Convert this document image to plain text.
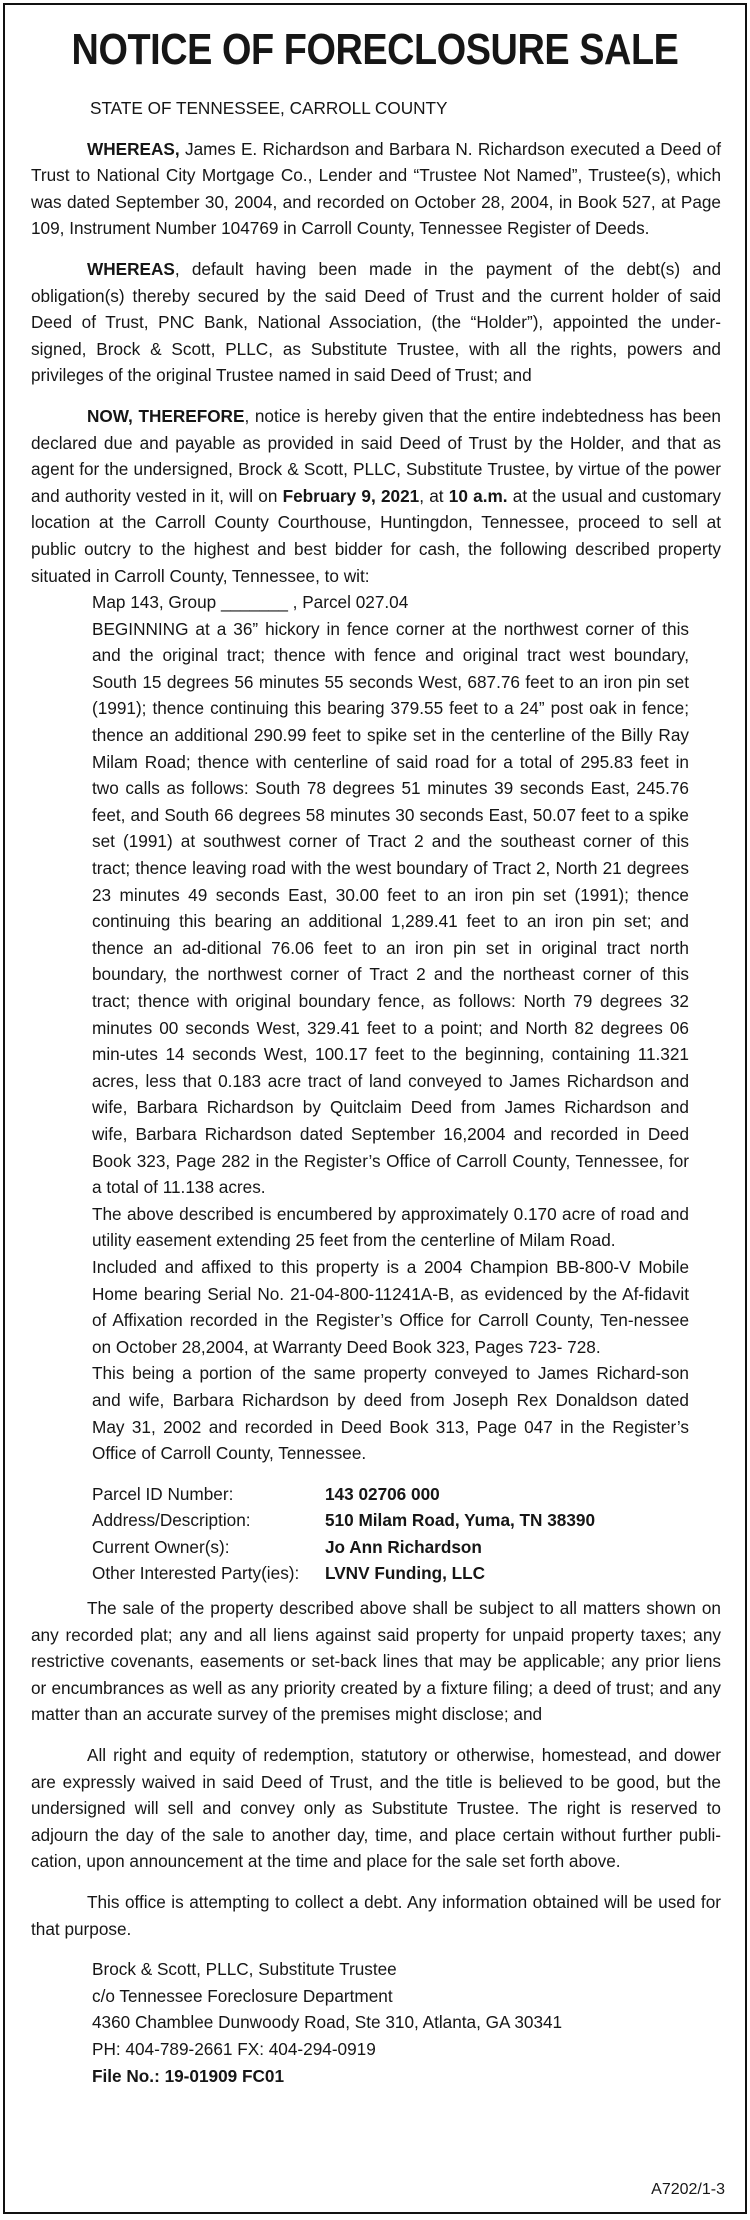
NOTICE OF FORECLOSURE SALE
STATE OF TENNESSEE, CARROLL COUNTY

WHEREAS, James E. Richardson and Barbara N. Richardson executed a Deed of Trust to National City Mortgage Co., Lender and “Trustee Not Named”, Trustee(s), which was dated September 30, 2004, and recorded on October 28, 2004, in Book 527, at Page 109, Instrument Number 104769 in Carroll County, Tennessee Register of Deeds.

WHEREAS, default having been made in the payment of the debt(s) and obligation(s) thereby secured by the said Deed of Trust and the current holder of said Deed of Trust, PNC Bank, National Association, (the “Holder”), appointed the under-signed, Brock & Scott, PLLC, as Substitute Trustee, with all the rights, powers and privileges of the original Trustee named in said Deed of Trust; and

NOW, THEREFORE, notice is hereby given that the entire indebtedness has been declared due and payable as provided in said Deed of Trust by the Holder, and that as agent for the undersigned, Brock & Scott, PLLC, Substitute Trustee, by virtue of the power and authority vested in it, will on February 9, 2021, at 10 a.m. at the usual and customary location at the Carroll County Courthouse, Huntingdon, Tennessee, proceed to sell at public outcry to the highest and best bidder for cash, the following described property situated in Carroll County, Tennessee, to wit:

Map 143, Group _______ , Parcel 027.04

BEGINNING at a 36” hickory in fence corner at the northwest corner of this and the original tract; thence with fence and original tract west boundary, South 15 degrees 56 minutes 55 seconds West, 687.76 feet to an iron pin set (1991); thence continuing this bearing 379.55 feet to a 24” post oak in fence; thence an additional 290.99 feet to spike set in the centerline of the Billy Ray Milam Road; thence with centerline of said road for a total of 295.83 feet in two calls as follows: South 78 degrees 51 minutes 39 seconds East, 245.76 feet, and South 66 degrees 58 minutes 30 seconds East, 50.07 feet to a spike set (1991) at southwest corner of Tract 2 and the southeast corner of this tract; thence leaving road with the west boundary of Tract 2, North 21 degrees 23 minutes 49 seconds East, 30.00 feet to an iron pin set (1991); thence continuing this bearing an additional 1,289.41 feet to an iron pin set; and thence an ad-ditional 76.06 feet to an iron pin set in original tract north boundary, the northwest corner of Tract 2 and the northeast corner of this tract; thence with original boundary fence, as follows: North 79 degrees 32 minutes 00 seconds West, 329.41 feet to a point; and North 82 degrees 06 min-utes 14 seconds West, 100.17 feet to the beginning, containing 11.321 acres, less that 0.183 acre tract of land conveyed to James Richardson and wife, Barbara Richardson by Quitclaim Deed from James Richardson and wife, Barbara Richardson dated September 16,2004 and recorded in Deed Book 323, Page 282 in the Register’s Office of Carroll County, Tennessee, for a total of 11.138 acres.

The above described is encumbered by approximately 0.170 acre of road and utility easement extending 25 feet from the centerline of Milam Road.

Included and affixed to this property is a 2004 Champion BB-800-V Mobile Home bearing Serial No. 21-04-800-11241A-B, as evidenced by the Af-fidavit of Affixation recorded in the Register’s Office for Carroll County, Ten-nessee on October 28,2004, at Warranty Deed Book 323, Pages 723- 728.

This being a portion of the same property conveyed to James Richard-son and wife, Barbara Richardson by deed from Joseph Rex Donaldson dated May 31, 2002 and recorded in Deed Book 313, Page 047 in the Register’s Office of Carroll County, Tennessee.

Parcel ID Number:	143 02706 000
Address/Description:	510 Milam Road, Yuma, TN 38390
Current Owner(s):	Jo Ann Richardson
Other Interested Party(ies):	LVNV Funding, LLC

The sale of the property described above shall be subject to all matters shown on any recorded plat; any and all liens against said property for unpaid property taxes; any restrictive covenants, easements or set-back lines that may be applicable; any prior liens or encumbrances as well as any priority created by a fixture filing; a deed of trust; and any matter than an accurate survey of the premises might disclose; and

All right and equity of redemption, statutory or otherwise, homestead, and dower are expressly waived in said Deed of Trust, and the title is believed to be good, but the undersigned will sell and convey only as Substitute Trustee. The right is reserved to adjourn the day of the sale to another day, time, and place certain without further publi-cation, upon announcement at the time and place for the sale set forth above.

This office is attempting to collect a debt. Any information obtained will be used for that purpose.

Brock & Scott, PLLC, Substitute Trustee
c/o Tennessee Foreclosure Department
4360 Chamblee Dunwoody Road, Ste 310, Atlanta, GA 30341
PH: 404-789-2661 FX: 404-294-0919
File No.: 19-01909 FC01
A7202/1-3
